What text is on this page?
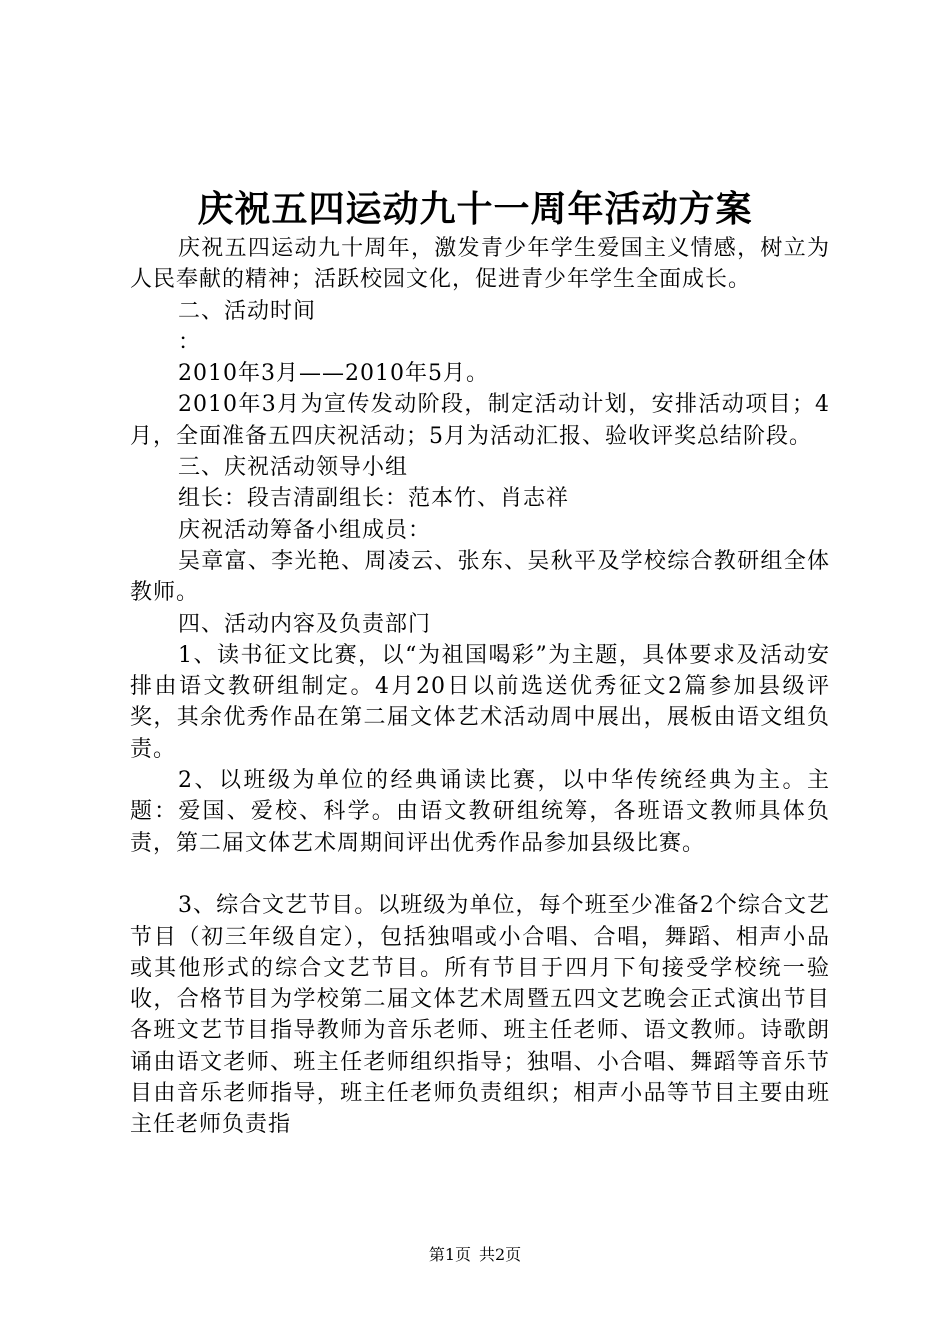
庆祝五四运动九十一周年活动方案

庆祝五四运动九十周年，激发青少年学生爱国主义情感，树立为人民奉献的精神；活跃校园文化，促进青少年学生全面成长。

二、活动时间

：

2010年3月——2010年5月。

2010年3月为宣传发动阶段，制定活动计划，安排活动项目；4月，全面准备五四庆祝活动；5月为活动汇报、验收评奖总结阶段。

三、庆祝活动领导小组

组长：段吉清副组长：范本竹、肖志祥

庆祝活动筹备小组成员：

吴章富、李光艳、周凌云、张东、吴秋平及学校综合教研组全体教师。

四、活动内容及负责部门

1、读书征文比赛，以“为祖国喝彩”为主题，具体要求及活动安排由语文教研组制定。4月20日以前选送优秀征文2篇参加县级评奖，其余优秀作品在第二届文体艺术活动周中展出，展板由语文组负责。

2、以班级为单位的经典诵读比赛，以中华传统经典为主。主题：爱国、爱校、科学。由语文教研组统筹，各班语文教师具体负责，第二届文体艺术周期间评出优秀作品参加县级比赛。

3、综合文艺节目。以班级为单位，每个班至少准备2个综合文艺节目（初三年级自定），包括独唱或小合唱、合唱，舞蹈、相声小品或其他形式的综合文艺节目。所有节目于四月下旬接受学校统一验收，合格节目为学校第二届文体艺术周暨五四文艺晚会正式演出节目各班文艺节目指导教师为音乐老师、班主任老师、语文教师。诗歌朗诵由语文老师、班主任老师组织指导；独唱、小合唱、舞蹈等音乐节目由音乐老师指导，班主任老师负责组织；相声小品等节目主要由班主任老师负责指

第1页 共2页
